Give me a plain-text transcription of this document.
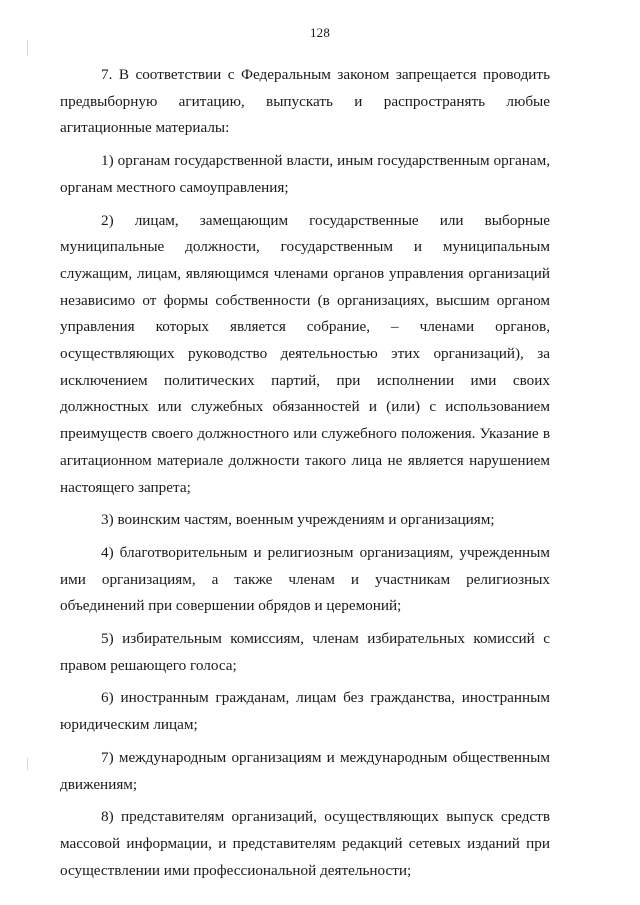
128

7. В соответствии с Федеральным законом запрещается проводить предвыборную агитацию, выпускать и распространять любые агитационные материалы:

1) органам государственной власти, иным государственным органам, органам местного самоуправления;

2) лицам, замещающим государственные или выборные муниципальные должности, государственным и муниципальным служащим, лицам, являющимся членами органов управления организаций независимо от формы собственности (в организациях, высшим органом управления которых является собрание, – членами органов, осуществляющих руководство деятельностью этих организаций), за исключением политических партий, при исполнении ими своих должностных или служебных обязанностей и (или) с использованием преимуществ своего должностного или служебного положения. Указание в агитационном материале должности такого лица не является нарушением настоящего запрета;

3) воинским частям, военным учреждениям и организациям;

4) благотворительным и религиозным организациям, учрежденным ими организациям, а также членам и участникам религиозных объединений при совершении обрядов и церемоний;

5) избирательным комиссиям, членам избирательных комиссий с правом решающего голоса;

6) иностранным гражданам, лицам без гражданства, иностранным юридическим лицам;

7) международным организациям и международным общественным движениям;

8) представителям организаций, осуществляющих выпуск средств массовой информации, и представителям редакций сетевых изданий при осуществлении ими профессиональной деятельности;
